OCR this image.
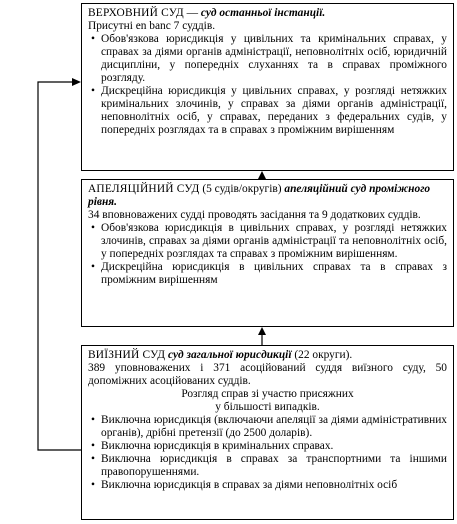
ВЕРХОВНИЙ СУД — суд останньої інстанції.

Присутні en banc 7 суддів.

• Обов'язкова юрисдикція у цивільних та кримінальних справах, у справах за діями органів адміністрації, неповнолітніх осіб, юридичній дисципліни, у попередніх слуханнях та в справах проміжного розгляду.
• Дискреційна юрисдикція у цивільних справах, у розгляді нетяжких кримінальних злочинів, у справах за діями органів адміністрації, неповнолітніх осіб, у справах, переданих з федеральних судів, у попередніх розглядах та в справах з проміжним вирішенням

АПЕЛЯЦІЙНИЙ СУД (5 судів/округів) апеляційний суд проміжного рівня.

34 вповноважених судді проводять засідання та 9 додаткових суддів.

• Обов'язкова юрисдикція в цивільних справах, у розгляді нетяжких злочинів, справах за діями органів адміністрації та неповнолітніх осіб, у попередніх розглядах та справах з проміжним вирішенням.
• Дискреційна юрисдикція в цивільних справах та в справах з проміжним вирішенням

ВИЇЗНИЙ СУД суд загальної юрисдикції (22 округи).

389 уповноважених і 371 асоційований суддя виїзного суду, 50 допоміжних асоційованих суддів.

Розгляд справ зі участю присяжних у більшості випадків.

• Виключна юрисдикція (включаючи апеляції за діями адміністративних органів), дрібні претензії (до 2500 доларів).
• Виключна юрисдикція в кримінальних справах.
• Виключна юрисдикція в справах за транспортними та іншими правопорушеннями.
• Виключна юрисдикція в справах за діями неповнолітніх осіб
